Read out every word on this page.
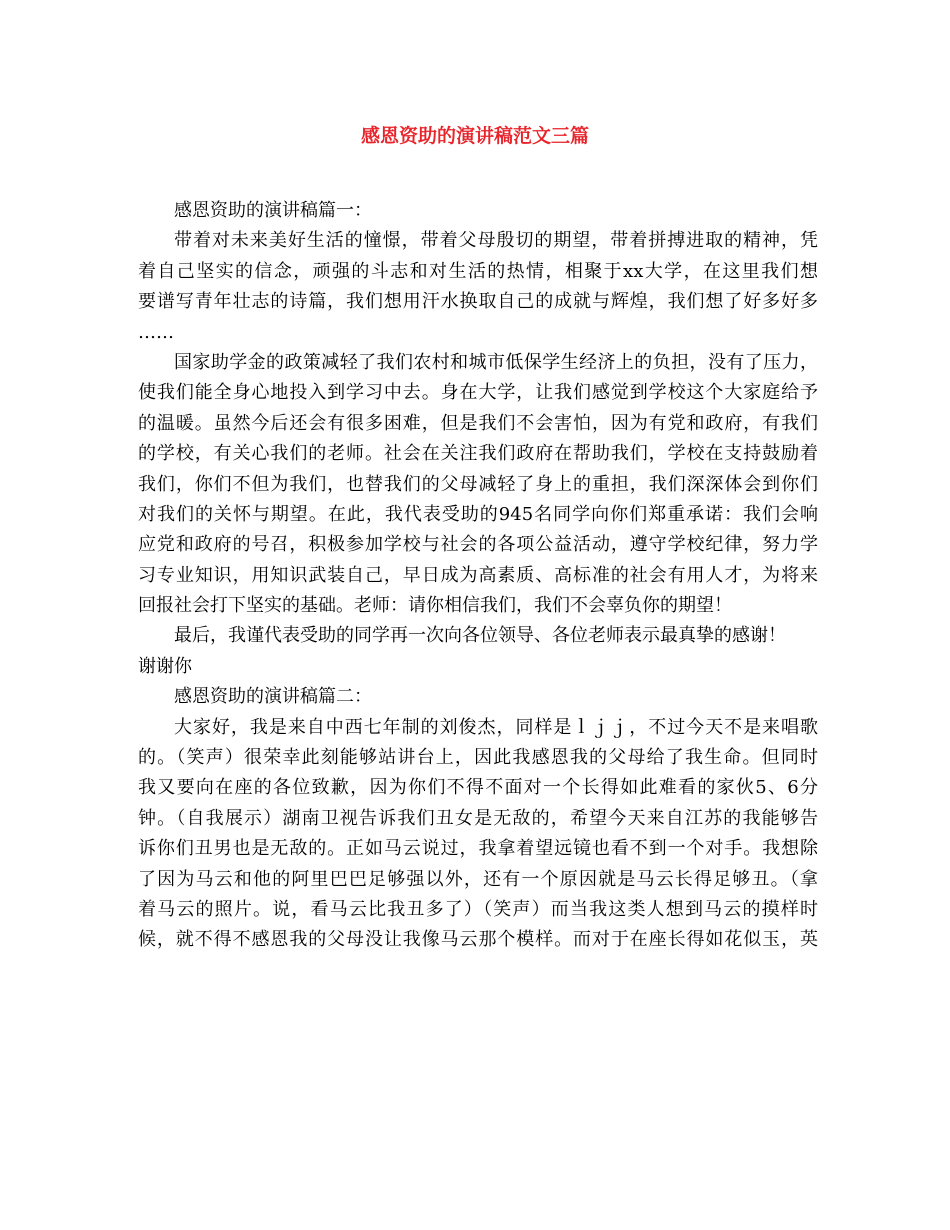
感恩资助的演讲稿范文三篇
感恩资助的演讲稿篇一：
带着对未来美好生活的憧憬，带着父母殷切的期望，带着拼搏进取的精神，凭
着自己坚实的信念，顽强的斗志和对生活的热情，相聚于xx大学，在这里我们想
要谱写青年壮志的诗篇，我们想用汗水换取自己的成就与辉煌，我们想了好多好多
……
国家助学金的政策减轻了我们农村和城市低保学生经济上的负担，没有了压力，
使我们能全身心地投入到学习中去。身在大学，让我们感觉到学校这个大家庭给予
的温暖。虽然今后还会有很多困难，但是我们不会害怕，因为有党和政府，有我们
的学校，有关心我们的老师。社会在关注我们政府在帮助我们，学校在支持鼓励着
我们，你们不但为我们，也替我们的父母减轻了身上的重担，我们深深体会到你们
对我们的关怀与期望。在此，我代表受助的945名同学向你们郑重承诺：我们会响
应党和政府的号召，积极参加学校与社会的各项公益活动，遵守学校纪律，努力学
习专业知识，用知识武装自己，早日成为高素质、高标准的社会有用人才，为将来
回报社会打下坚实的基础。老师：请你相信我们，我们不会辜负你的期望！
最后，我谨代表受助的同学再一次向各位领导、各位老师表示最真挚的感谢！
谢谢你
感恩资助的演讲稿篇二：
大家好，我是来自中西七年制的刘俊杰，同样是ｌｊｊ，不过今天不是来唱歌
的。（笑声）很荣幸此刻能够站讲台上，因此我感恩我的父母给了我生命。但同时
我又要向在座的各位致歉，因为你们不得不面对一个长得如此难看的家伙5、6分
钟。（自我展示）湖南卫视告诉我们丑女是无敌的，希望今天来自江苏的我能够告
诉你们丑男也是无敌的。正如马云说过，我拿着望远镜也看不到一个对手。我想除
了因为马云和他的阿里巴巴足够强以外，还有一个原因就是马云长得足够丑。（拿
着马云的照片。说，看马云比我丑多了）（笑声）而当我这类人想到马云的摸样时
候，就不得不感恩我的父母没让我像马云那个模样。而对于在座长得如花似玉，英
